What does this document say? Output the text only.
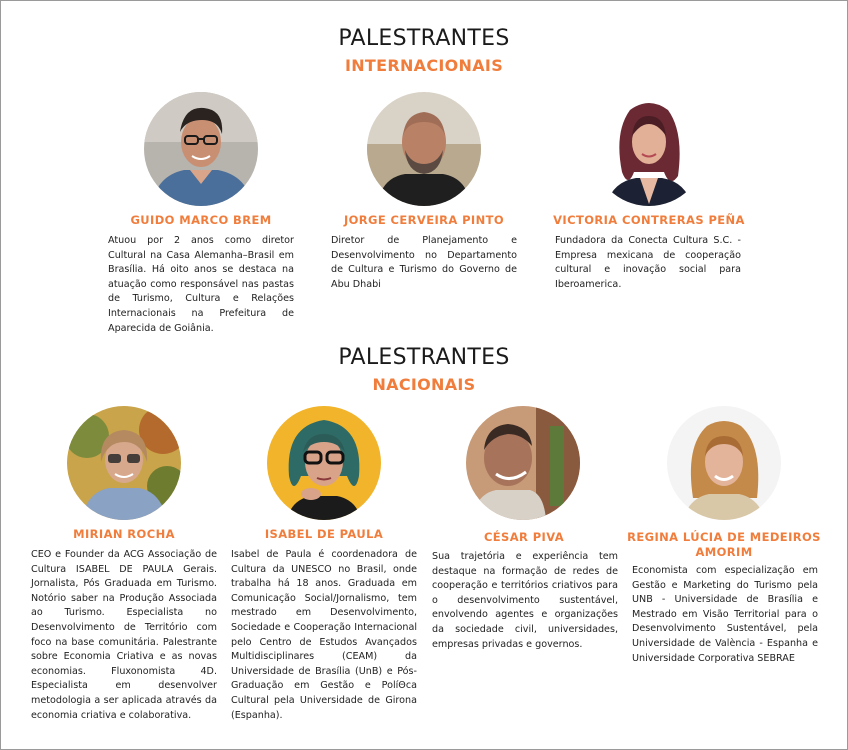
PALESTRANTES
INTERNACIONAIS
GUIDO MARCO BREM
Atuou por 2 anos como diretor Cultural na Casa Alemanha–Brasil em Brasília. Há oito anos se destaca na atuação como responsável nas pastas de Turismo, Cultura e Relações Internacionais na Prefeitura de Aparecida de Goiânia.
JORGE CERVEIRA PINTO
Diretor de Planejamento e Desenvolvimento no Departamento de Cultura e Turismo do Governo de Abu Dhabi
VICTORIA CONTRERAS PEÑA
Fundadora da Conecta Cultura S.C. - Empresa mexicana de cooperação cultural e inovação social para Iberoamerica.
PALESTRANTES
NACIONAIS
MIRIAN ROCHA
CEO e Founder da ACG Associação de Cultura ISABEL DE PAULA Gerais. Jornalista, Pós Graduada em Turismo. Notório saber na Produção Associada ao Turismo. Especialista no Desenvolvimento de Território com foco na base comunitária. Palestrante sobre Economia Criativa e as novas economias. Fluxonomista 4D. Especialista em desenvolver metodologia a ser aplicada através da economia criativa e colaborativa.
ISABEL DE PAULA
Isabel de Paula é coordenadora de Cultura da UNESCO no Brasil, onde trabalha há 18 anos. Graduada em Comunicação Social/Jornalismo, tem mestrado em Desenvolvimento, Sociedade e Cooperação Internacional pelo Centro de Estudos Avançados Multidisciplinares (CEAM) da Universidade de Brasília (UnB) e Pós-Graduação em Gestão e PolíΘca Cultural pela Universidade de Girona (Espanha).
CÉSAR PIVA
Sua trajetória e experiência tem destaque na formação de redes de cooperação e territórios criativos para o desenvolvimento sustentável, envolvendo agentes e organizações da sociedade civil, universidades, empresas privadas e governos.
REGINA LÚCIA DE MEDEIROS AMORIM
Economista com especialização em Gestão e Marketing do Turismo pela UNB - Universidade de Brasília e Mestrado em Visão Territorial para o Desenvolvimento Sustentável, pela Universidade de València - Espanha e Universidade Corporativa SEBRAE
